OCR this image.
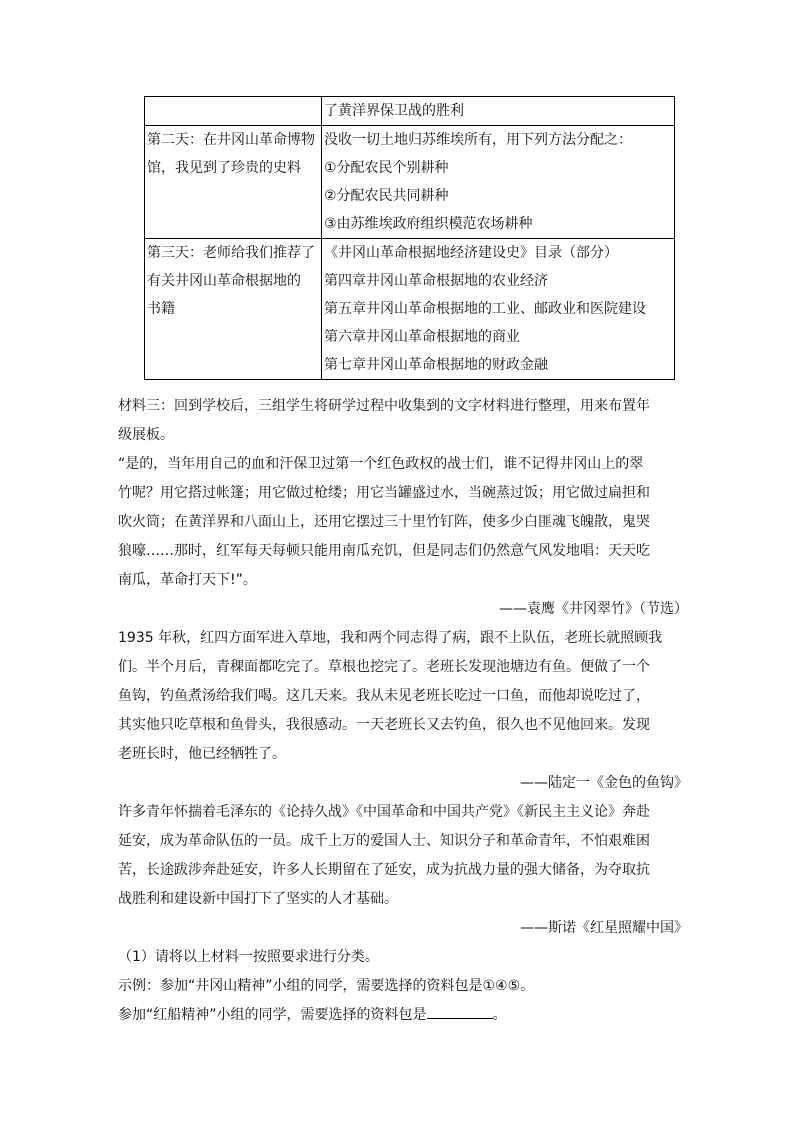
	了黄洋界保卫战的胜利

第二天：在井冈山革命博物
馆，我见到了珍贵的史料	没收一切土地归苏维埃所有，用下列方法分配之：
①分配农民个别耕种
②分配农民共同耕种
③由苏维埃政府组织模范农场耕种

第三天：老师给我们推荐了
有关井冈山革命根据地的
书籍	《井冈山革命根据地经济建设史》目录（部分）
第四章井冈山革命根据地的农业经济
第五章井冈山革命根据地的工业、邮政业和医院建设
第六章井冈山革命根据地的商业
第七章井冈山革命根据地的财政金融

材料三：回到学校后，三组学生将研学过程中收集到的文字材料进行整理，用来布置年
级展板。

“是的，当年用自己的血和汗保卫过第一个红色政权的战士们，谁不记得井冈山上的翠
竹呢？用它搭过帐篷；用它做过枪缕；用它当罐盛过水，当碗蒸过饭；用它做过扁担和
吹火筒；在黄洋界和八面山上，还用它摆过三十里竹钉阵，使多少白匪魂飞魄散，鬼哭
狼嚎……那时，红军每天每顿只能用南瓜充饥，但是同志们仍然意气风发地唱：天天吃
南瓜，革命打天下!”。

——袁鹰《井冈翠竹》（节选）

1935 年秋，红四方面军进入草地，我和两个同志得了病，跟不上队伍，老班长就照顾我
们。半个月后，青稞面都吃完了。草根也挖完了。老班长发现池塘边有鱼。便做了一个
鱼钩，钓鱼煮汤给我们喝。这几天来。我从未见老班长吃过一口鱼，而他却说吃过了，
其实他只吃草根和鱼骨头，我很感动。一天老班长又去钓鱼，很久也不见他回来。发现
老班长时，他已经牺牲了。

——陆定一《金色的鱼钩》

许多青年怀揣着毛泽东的《论持久战》《中国革命和中国共产党》《新民主主义论》奔赴
延安，成为革命队伍的一员。成千上万的爱国人士、知识分子和革命青年，不怕艰难困
苦，长途跋涉奔赴延安，许多人长期留在了延安，成为抗战力量的强大储备，为夺取抗
战胜利和建设新中国打下了坚实的人才基础。

——斯诺《红星照耀中国》

（1）请将以上材料一按照要求进行分类。

示例：参加“井冈山精神”小组的同学，需要选择的资料包是①④⑤。

参加“红船精神”小组的同学，需要选择的资料包是	。
